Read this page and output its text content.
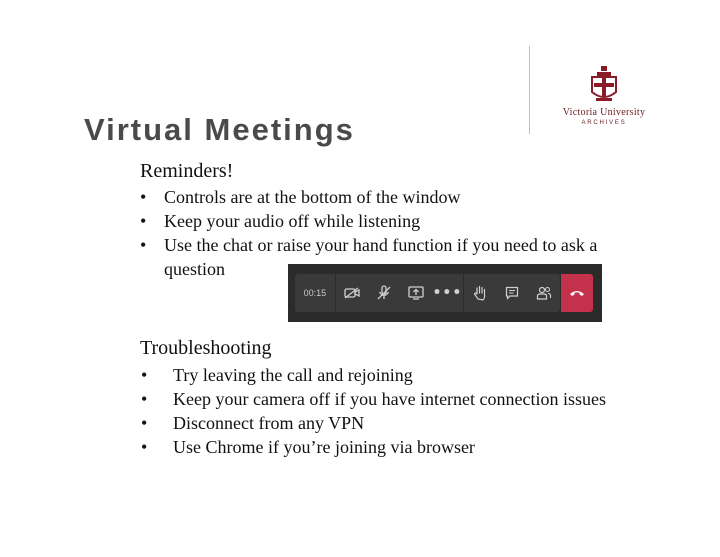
Virtual Meetings	Victoria University
ARCHIVES
Reminders!
• Controls are at the bottom of the window
• Keep your audio off while listening
• Use the chat or raise your hand function if you need to ask a question
00:15	•••
Troubleshooting
• Try leaving the call and rejoining
• Keep your camera off if you have internet connection issues
• Disconnect from any VPN
• Use Chrome if you’re joining via browser
